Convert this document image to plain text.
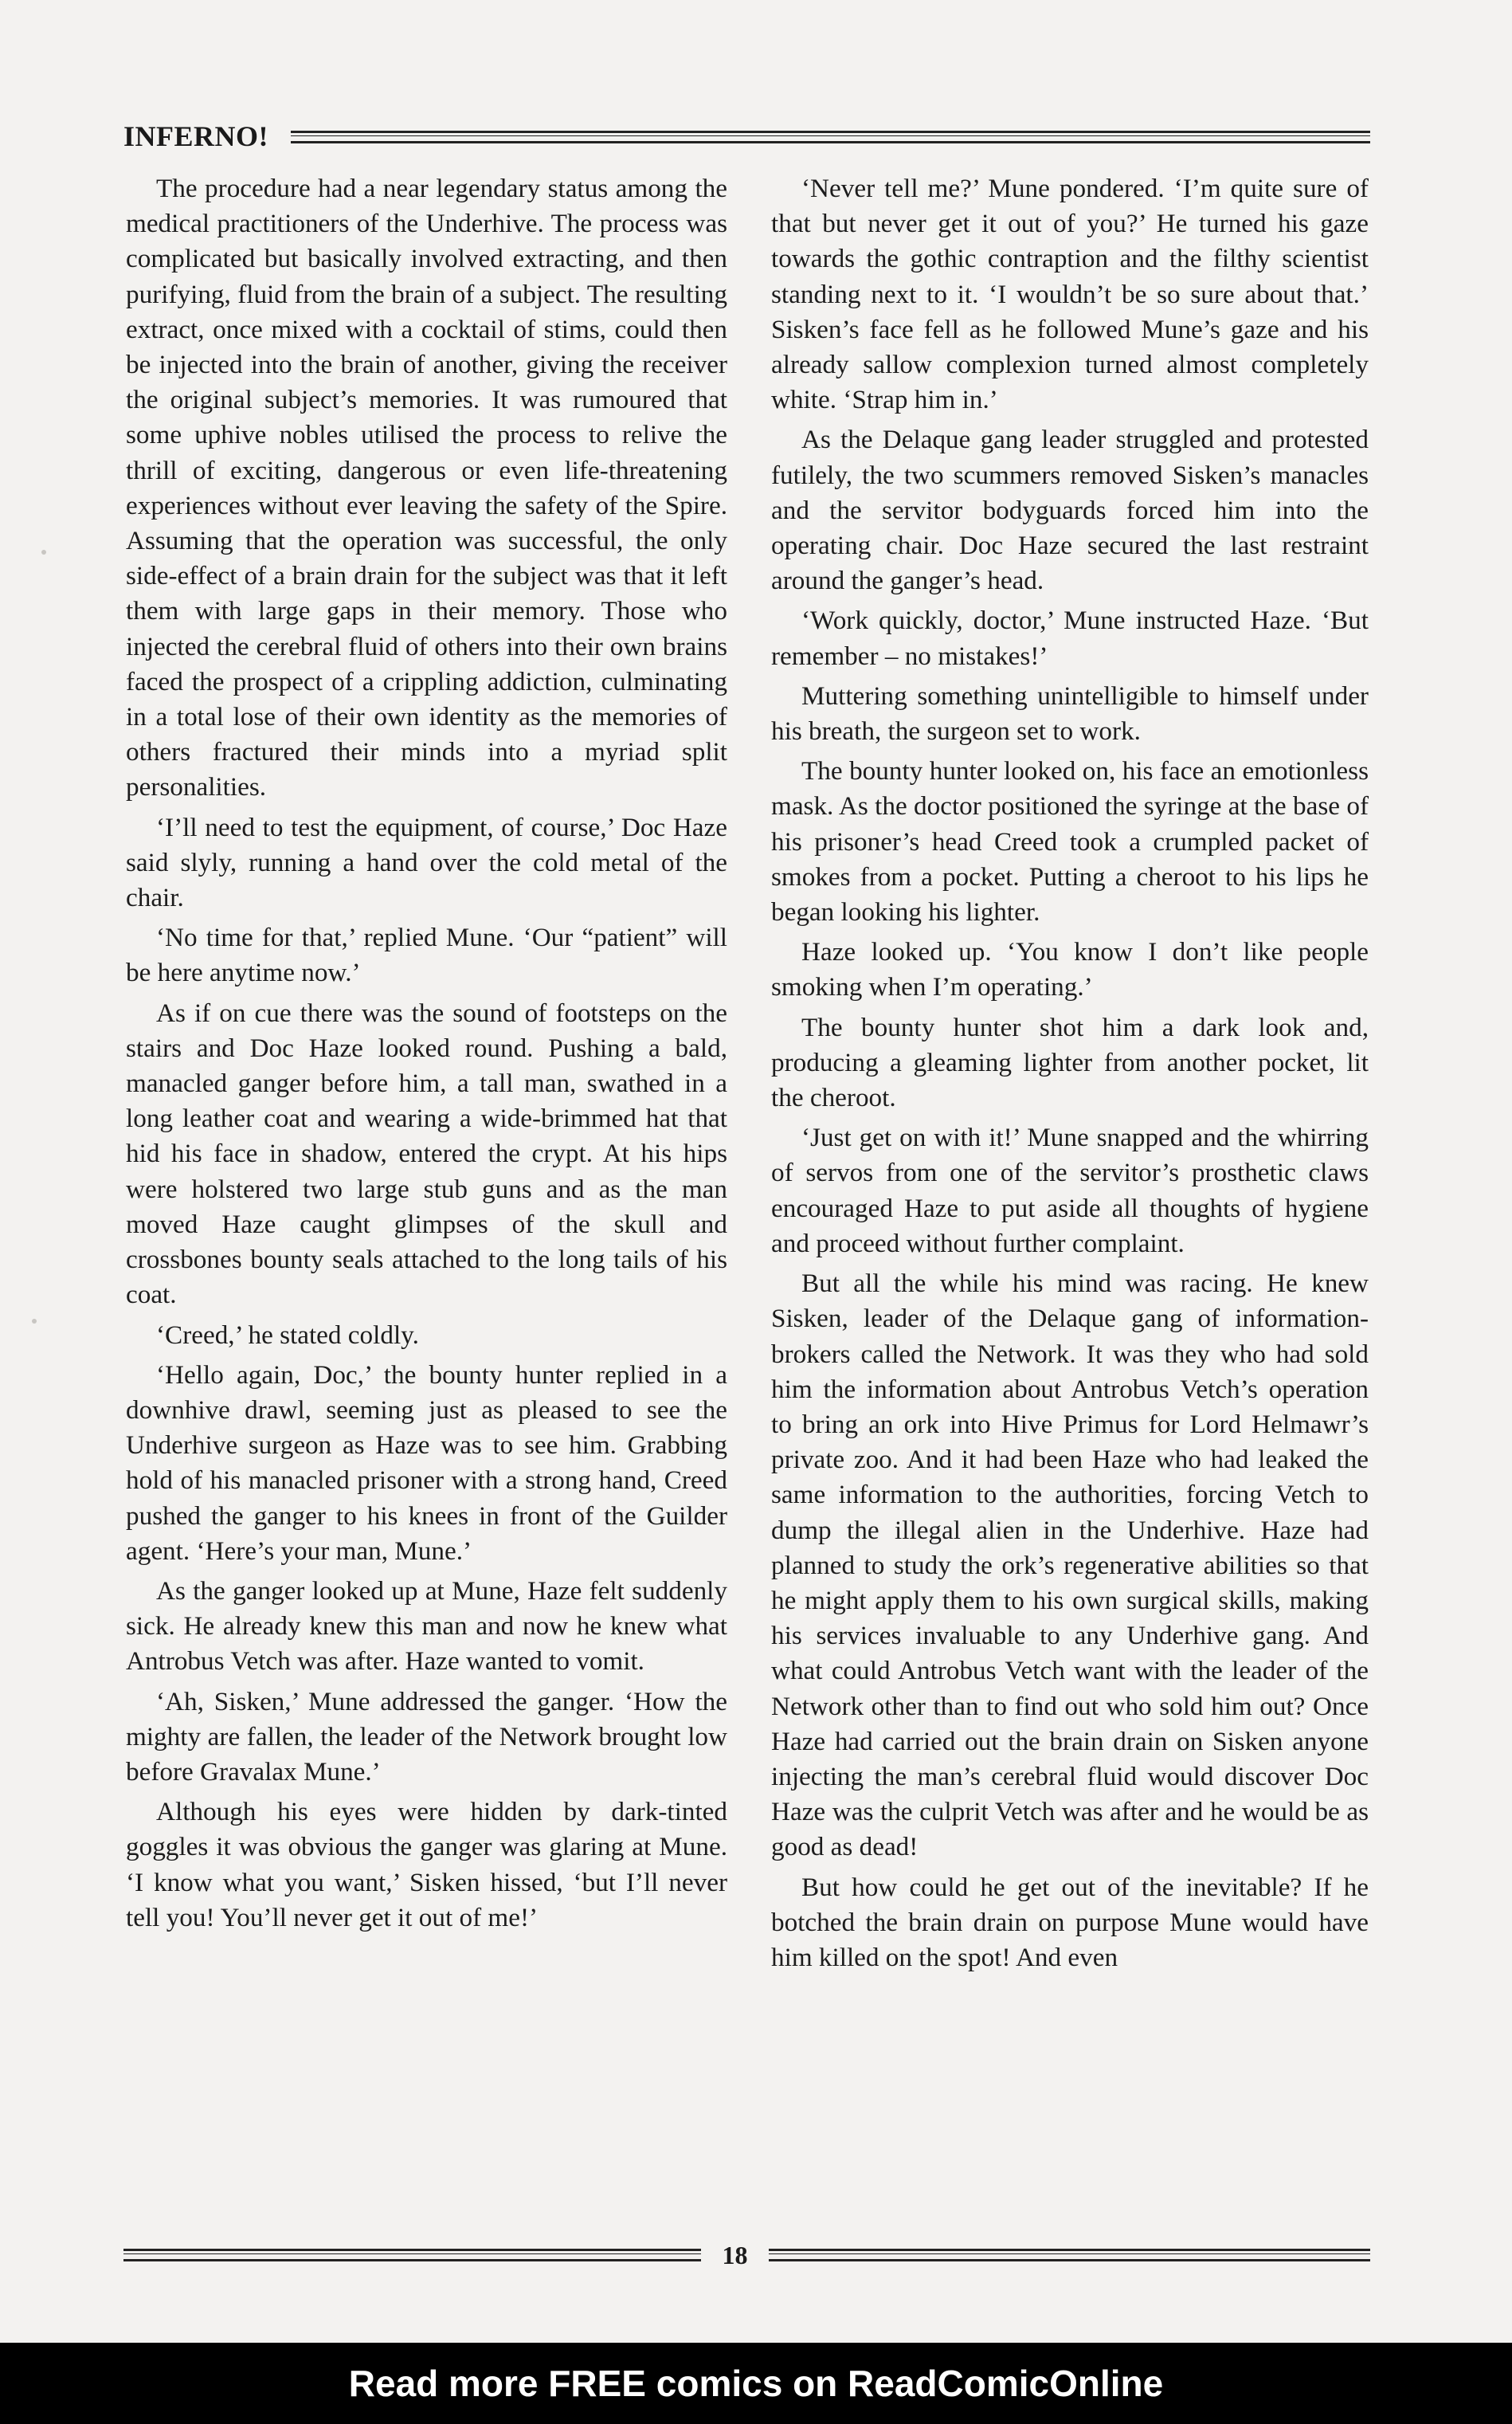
INFERNO!

The procedure had a near legendary status among the medical practitioners of the Underhive. The process was complicated but basically involved extracting, and then purifying, fluid from the brain of a subject. The resulting extract, once mixed with a cocktail of stims, could then be injected into the brain of another, giving the receiver the original subject’s memories. It was rumoured that some uphive nobles utilised the process to relive the thrill of exciting, dangerous or even life-threatening experiences without ever leaving the safety of the Spire. Assuming that the operation was successful, the only side-effect of a brain drain for the subject was that it left them with large gaps in their memory. Those who injected the cerebral fluid of others into their own brains faced the prospect of a crippling addiction, culminating in a total lose of their own identity as the memories of others fractured their minds into a myriad split personalities.

‘I’ll need to test the equipment, of course,’ Doc Haze said slyly, running a hand over the cold metal of the chair.

‘No time for that,’ replied Mune. ‘Our “patient” will be here anytime now.’

As if on cue there was the sound of footsteps on the stairs and Doc Haze looked round. Pushing a bald, manacled ganger before him, a tall man, swathed in a long leather coat and wearing a wide-brimmed hat that hid his face in shadow, entered the crypt. At his hips were holstered two large stub guns and as the man moved Haze caught glimpses of the skull and crossbones bounty seals attached to the long tails of his coat.

‘Creed,’ he stated coldly.

‘Hello again, Doc,’ the bounty hunter replied in a downhive drawl, seeming just as pleased to see the Underhive surgeon as Haze was to see him. Grabbing hold of his manacled prisoner with a strong hand, Creed pushed the ganger to his knees in front of the Guilder agent. ‘Here’s your man, Mune.’

As the ganger looked up at Mune, Haze felt suddenly sick. He already knew this man and now he knew what Antrobus Vetch was after. Haze wanted to vomit.

‘Ah, Sisken,’ Mune addressed the ganger. ‘How the mighty are fallen, the leader of the Network brought low before Gravalax Mune.’

Although his eyes were hidden by dark-tinted goggles it was obvious the ganger was glaring at Mune. ‘I know what you want,’ Sisken hissed, ‘but I’ll never tell you! You’ll never get it out of me!’

‘Never tell me?’ Mune pondered. ‘I’m quite sure of that but never get it out of you?’ He turned his gaze towards the gothic contraption and the filthy scientist standing next to it. ‘I wouldn’t be so sure about that.’ Sisken’s face fell as he followed Mune’s gaze and his already sallow complexion turned almost completely white. ‘Strap him in.’

As the Delaque gang leader struggled and protested futilely, the two scummers removed Sisken’s manacles and the servitor bodyguards forced him into the operating chair. Doc Haze secured the last restraint around the ganger’s head.

‘Work quickly, doctor,’ Mune instructed Haze. ‘But remember – no mistakes!’

Muttering something unintelligible to himself under his breath, the surgeon set to work.

The bounty hunter looked on, his face an emotionless mask. As the doctor positioned the syringe at the base of his prisoner’s head Creed took a crumpled packet of smokes from a pocket. Putting a cheroot to his lips he began looking his lighter.

Haze looked up. ‘You know I don’t like people smoking when I’m operating.’

The bounty hunter shot him a dark look and, producing a gleaming lighter from another pocket, lit the cheroot.

‘Just get on with it!’ Mune snapped and the whirring of servos from one of the servitor’s prosthetic claws encouraged Haze to put aside all thoughts of hygiene and proceed without further complaint.

But all the while his mind was racing. He knew Sisken, leader of the Delaque gang of information-brokers called the Network. It was they who had sold him the information about Antrobus Vetch’s operation to bring an ork into Hive Primus for Lord Helmawr’s private zoo. And it had been Haze who had leaked the same information to the authorities, forcing Vetch to dump the illegal alien in the Underhive. Haze had planned to study the ork’s regenerative abilities so that he might apply them to his own surgical skills, making his services invaluable to any Underhive gang. And what could Antrobus Vetch want with the leader of the Network other than to find out who sold him out? Once Haze had carried out the brain drain on Sisken anyone injecting the man’s cerebral fluid would discover Doc Haze was the culprit Vetch was after and he would be as good as dead!

But how could he get out of the inevitable? If he botched the brain drain on purpose Mune would have him killed on the spot! And even

18
Read more FREE comics on ReadComicOnline
